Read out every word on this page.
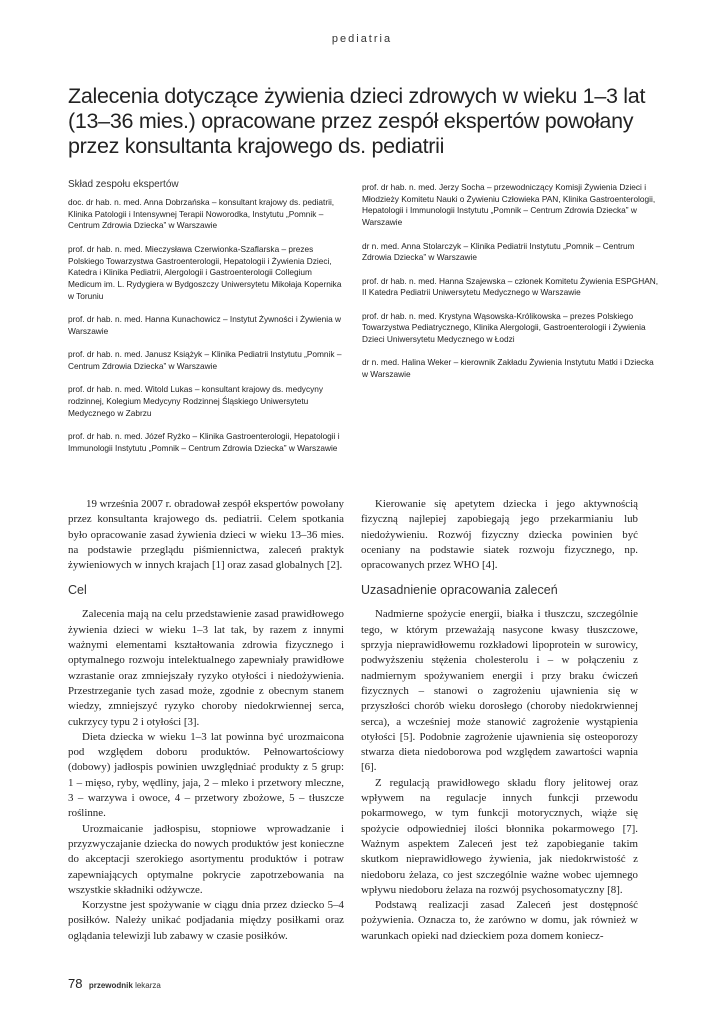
pediatria
Zalecenia dotyczące żywienia dzieci zdrowych w wieku 1–3 lat (13–36 mies.) opracowane przez zespół ekspertów powołany przez konsultanta krajowego ds. pediatrii
Skład zespołu ekspertów

doc. dr hab. n. med. Anna Dobrzańska – konsultant krajowy ds. pediatrii, Klinika Patologii i Intensywnej Terapii Noworodka, Instytutu „Pomnik – Centrum Zdrowia Dziecka” w Warszawie

prof. dr hab. n. med. Mieczysława Czerwionka-Szaflarska – prezes Polskiego Towarzystwa Gastroenterologii, Hepatologii i Żywienia Dzieci, Katedra i Klinika Pediatrii, Alergologii i Gastroenterologii Collegium Medicum im. L. Rydygiera w Bydgoszczy Uniwersytetu Mikołaja Kopernika w Toruniu

prof. dr hab. n. med. Hanna Kunachowicz – Instytut Żywności i Żywienia w Warszawie

prof. dr hab. n. med. Janusz Książyk – Klinika Pediatrii Instytutu „Pomnik – Centrum Zdrowia Dziecka” w Warszawie

prof. dr hab. n. med. Witold Lukas – konsultant krajowy ds. medycyny rodzinnej, Kolegium Medycyny Rodzinnej Śląskiego Uniwersytetu Medycznego w Zabrzu

prof. dr hab. n. med. Józef Ryżko – Klinika Gastroenterologii, Hepatologii i Immunologii Instytutu „Pomnik – Centrum Zdrowia Dziecka” w Warszawie

prof. dr hab. n. med. Jerzy Socha – przewodniczący Komisji Żywienia Dzieci i Młodzieży Komitetu Nauki o Żywieniu Człowieka PAN, Klinika Gastroenterologii, Hepatologii i Immunologii Instytutu „Pomnik – Centrum Zdrowia Dziecka” w Warszawie

dr n. med. Anna Stolarczyk – Klinika Pediatrii Instytutu „Pomnik – Centrum Zdrowia Dziecka” w Warszawie

prof. dr hab. n. med. Hanna Szajewska – członek Komitetu Żywienia ESPGHAN, II Katedra Pediatrii Uniwersytetu Medycznego w Warszawie

prof. dr hab. n. med. Krystyna Wąsowska-Królikowska – prezes Polskiego Towarzystwa Pediatrycznego, Klinika Alergologii, Gastroenterologii i Żywienia Dzieci Uniwersytetu Medycznego w Łodzi

dr n. med. Halina Weker – kierownik Zakładu Żywienia Instytutu Matki i Dziecka w Warszawie

19 września 2007 r. obradował zespół ekspertów powołany przez konsultanta krajowego ds. pediatrii. Celem spotkania było opracowanie zasad żywienia dzieci w wieku 13–36 mies. na podstawie przeglądu piśmiennictwa, zaleceń praktyk żywieniowych w innych krajach [1] oraz zasad globalnych [2].

Cel

Zalecenia mają na celu przedstawienie zasad prawidłowego żywienia dzieci w wieku 1–3 lat tak, by razem z innymi ważnymi elementami kształtowania zdrowia fizycznego i optymalnego rozwoju intelektualnego zapewniały prawidłowe wzrastanie oraz zmniejszały ryzyko otyłości i niedożywienia. Przestrzeganie tych zasad może, zgodnie z obecnym stanem wiedzy, zmniejszyć ryzyko choroby niedokrwiennej serca, cukrzycy typu 2 i otyłości [3].

Dieta dziecka w wieku 1–3 lat powinna być urozmaicona pod względem doboru produktów. Pełnowartościowy (dobowy) jadłospis powinien uwzględniać produkty z 5 grup: 1 – mięso, ryby, wędliny, jaja, 2 – mleko i przetwory mleczne, 3 – warzywa i owoce, 4 – przetwory zbożowe, 5 – tłuszcze roślinne.

Urozmaicanie jadłospisu, stopniowe wprowadzanie i przyzwyczajanie dziecka do nowych produktów jest konieczne do akceptacji szerokiego asortymentu produktów i potraw zapewniających optymalne pokrycie zapotrzebowania na wszystkie składniki odżywcze.

Korzystne jest spożywanie w ciągu dnia przez dziecko 5–4 posiłków. Należy unikać podjadania między posiłkami oraz oglądania telewizji lub zabawy w czasie posiłków.

Kierowanie się apetytem dziecka i jego aktywnością fizyczną najlepiej zapobiegają jego przekarmianiu lub niedożywieniu. Rozwój fizyczny dziecka powinien być oceniany na podstawie siatek rozwoju fizycznego, np. opracowanych przez WHO [4].

Uzasadnienie opracowania zaleceń

Nadmierne spożycie energii, białka i tłuszczu, szczególnie tego, w którym przeważają nasycone kwasy tłuszczowe, sprzyja nieprawidłowemu rozkładowi lipoprotein w surowicy, podwyższeniu stężenia cholesterolu i – w połączeniu z nadmiernym spożywaniem energii i przy braku ćwiczeń fizycznych – stanowi o zagrożeniu ujawnienia się w przyszłości chorób wieku dorosłego (choroby niedokrwiennej serca), a wcześniej może stanowić zagrożenie wystąpienia otyłości [5]. Podobnie zagrożenie ujawnienia się osteoporozy stwarza dieta niedoborowa pod względem zawartości wapnia [6].

Z regulacją prawidłowego składu flory jelitowej oraz wpływem na regulacje innych funkcji przewodu pokarmowego, w tym funkcji motorycznych, wiąże się spożycie odpowiedniej ilości błonnika pokarmowego [7]. Ważnym aspektem Zaleceń jest też zapobieganie takim skutkom nieprawidłowego żywienia, jak niedokrwistość z niedoboru żelaza, co jest szczególnie ważne wobec ujemnego wpływu niedoboru żelaza na rozwój psychosomatyczny [8].

Podstawą realizacji zasad Zaleceń jest dostępność pożywienia. Oznacza to, że zarówno w domu, jak również w warunkach opieki nad dzieckiem poza domem koniecz-

78 przewodnik lekarza
